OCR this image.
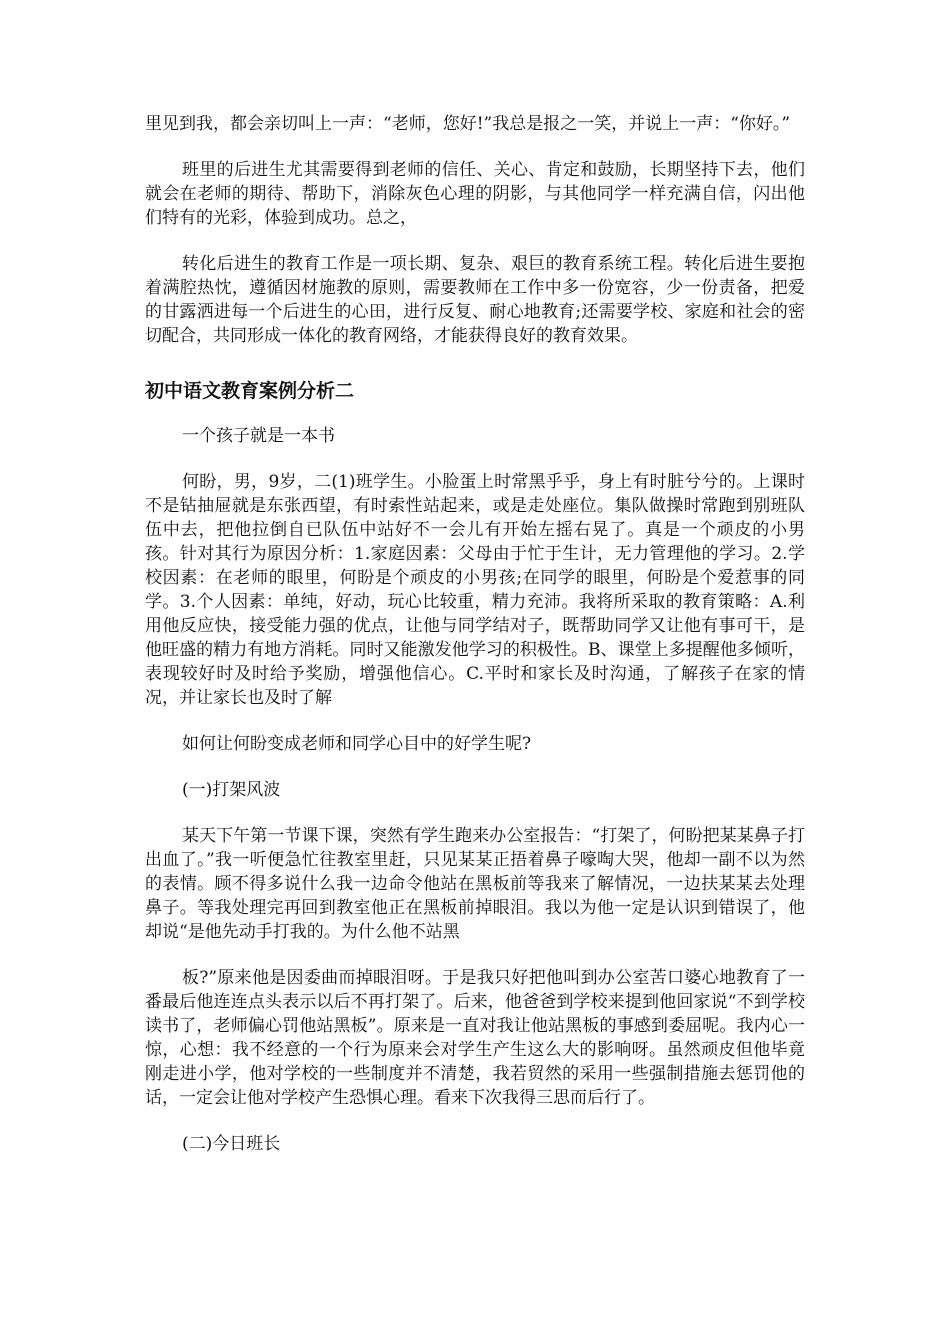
里见到我，都会亲切叫上一声：“老师，您好!”我总是报之一笑，并说上一声：“你好。”

班里的后进生尤其需要得到老师的信任、关心、肯定和鼓励，长期坚持下去，他们就会在老师的期待、帮助下，消除灰色心理的阴影，与其他同学一样充满自信，闪出他们特有的光彩，体验到成功。总之，

转化后进生的教育工作是一项长期、复杂、艰巨的教育系统工程。转化后进生要抱着满腔热忱，遵循因材施教的原则，需要教师在工作中多一份宽容，少一份责备，把爱的甘露洒进每一个后进生的心田，进行反复、耐心地教育;还需要学校、家庭和社会的密切配合，共同形成一体化的教育网络，才能获得良好的教育效果。

初中语文教育案例分析二

一个孩子就是一本书

何盼，男，9岁，二(1)班学生。小脸蛋上时常黑乎乎，身上有时脏兮兮的。上课时不是钻抽屉就是东张西望，有时索性站起来，或是走处座位。集队做操时常跑到别班队伍中去，把他拉倒自已队伍中站好不一会儿有开始左摇右晃了。真是一个顽皮的小男孩。针对其行为原因分析：1.家庭因素：父母由于忙于生计，无力管理他的学习。2.学校因素：在老师的眼里，何盼是个顽皮的小男孩;在同学的眼里，何盼是个爱惹事的同学。3.个人因素：单纯，好动，玩心比较重，精力充沛。我将所采取的教育策略：A.利用他反应快，接受能力强的优点，让他与同学结对子，既帮助同学又让他有事可干，是他旺盛的精力有地方消耗。同时又能激发他学习的积极性。B、课堂上多提醒他多倾听，表现较好时及时给予奖励，增强他信心。C.平时和家长及时沟通，了解孩子在家的情况，并让家长也及时了解

如何让何盼变成老师和同学心目中的好学生呢?

(一)打架风波

某天下午第一节课下课，突然有学生跑来办公室报告：“打架了，何盼把某某鼻子打出血了。”我一听便急忙往教室里赶，只见某某正捂着鼻子嚎啕大哭，他却一副不以为然的表情。顾不得多说什么我一边命令他站在黑板前等我来了解情况，一边扶某某去处理鼻子。等我处理完再回到教室他正在黑板前掉眼泪。我以为他一定是认识到错误了，他却说“是他先动手打我的。为什么他不站黑

板?”原来他是因委曲而掉眼泪呀。于是我只好把他叫到办公室苦口婆心地教育了一番最后他连连点头表示以后不再打架了。后来，他爸爸到学校来提到他回家说“不到学校读书了，老师偏心罚他站黑板”。原来是一直对我让他站黑板的事感到委屈呢。我内心一惊，心想：我不经意的一个行为原来会对学生产生这么大的影响呀。虽然顽皮但他毕竟刚走进小学，他对学校的一些制度并不清楚，我若贸然的采用一些强制措施去惩罚他的话，一定会让他对学校产生恐惧心理。看来下次我得三思而后行了。

(二)今日班长
